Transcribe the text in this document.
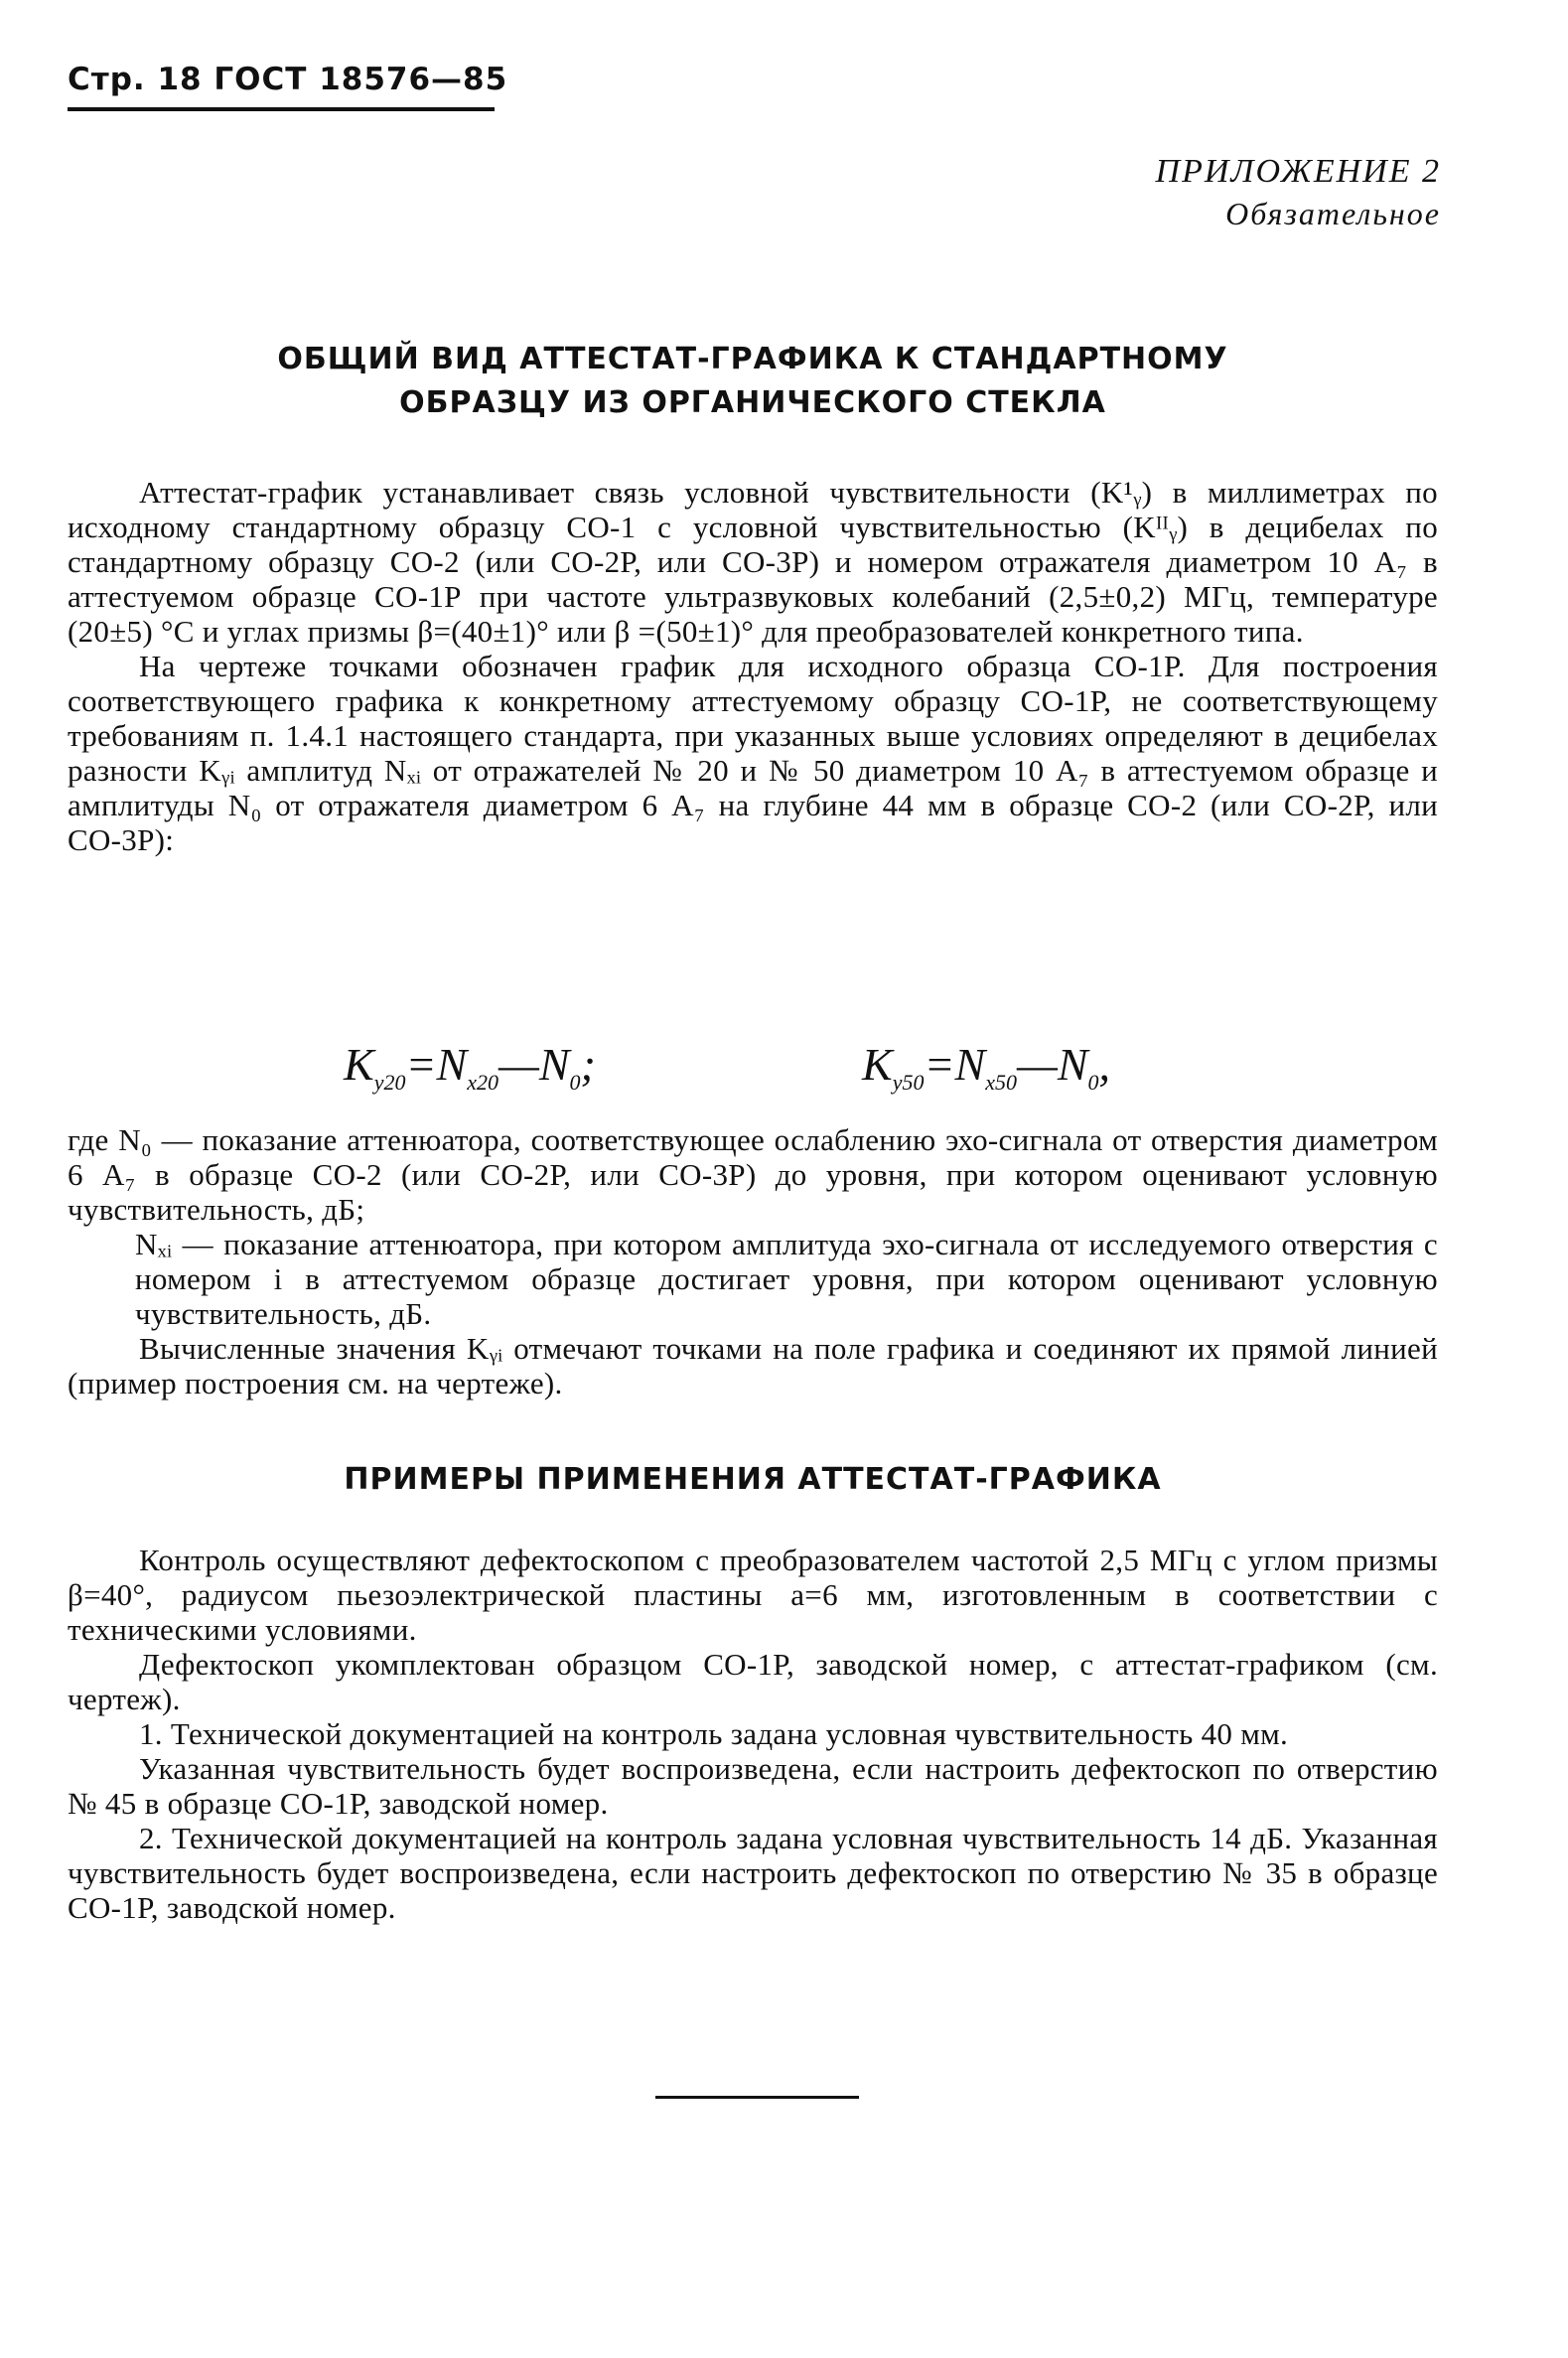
Стр. 18 ГОСТ 18576—85
ПРИЛОЖЕНИЕ 2
Обязательное
ОБЩИЙ ВИД АТТЕСТАТ-ГРАФИКА К СТАНДАРТНОМУ
ОБРАЗЦУ ИЗ ОРГАНИЧЕСКОГО СТЕКЛА

Аттестат-график устанавливает связь условной чувствительности (K¹ᵧ) в миллиметрах по исходному стандартному образцу СО-1 с условной чувствительностью (Kᴵᴵᵧ) в децибелах по стандартному образцу СО-2 (или СО-2Р, или СО-3Р) и номером отражателя диаметром 10 A₇ в аттестуемом образце СО-1Р при частоте ультразвуковых колебаний (2,5±0,2) МГц, температуре (20±5) °С и углах призмы β=(40±1)° или β =(50±1)° для преобразователей конкретного типа.

На чертеже точками обозначен график для исходного образца СО-1Р. Для построения соответствующего графика к конкретному аттестуемому образцу СО-1Р, не соответствующему требованиям п. 1.4.1 настоящего стандарта, при указанных выше условиях определяют в децибелах разности Kᵧᵢ амплитуд Nₓᵢ от отражателей № 20 и № 50 диаметром 10 A₇ в аттестуемом образце и амплитуды N₀ от отражателя диаметром 6 A₇ на глубине 44 мм в образце СО-2 (или СО-2Р, или СО-3Р):

$K_{y20}=N_{x20}—N_0$;	$K_{y50}=N_{x50}—N_0$,

где N₀ — показание аттенюатора, соответствующее ослаблению эхо-сигнала от отверстия диаметром 6 A₇ в образце СО-2 (или СО-2Р, или СО-3Р) до уровня, при котором оценивают условную чувствительность, дБ;

Nₓᵢ — показание аттенюатора, при котором амплитуда эхо-сигнала от исследуемого отверстия с номером i в аттестуемом образце достигает уровня, при котором оценивают условную чувствительность, дБ.

Вычисленные значения Kᵧᵢ отмечают точками на поле графика и соединяют их прямой линией (пример построения см. на чертеже).

ПРИМЕРЫ ПРИМЕНЕНИЯ АТТЕСТАТ-ГРАФИКА

Контроль осуществляют дефектоскопом с преобразователем частотой 2,5 МГц с углом призмы β=40°, радиусом пьезоэлектрической пластины a=6 мм, изготовленным в соответствии с техническими условиями.

Дефектоскоп укомплектован образцом СО-1Р, заводской номер, с аттестат-графиком (см. чертеж).

1. Технической документацией на контроль задана условная чувствительность 40 мм.

Указанная чувствительность будет воспроизведена, если настроить дефектоскоп по отверстию № 45 в образце СО-1Р, заводской номер.

2. Технической документацией на контроль задана условная чувствительность 14 дБ. Указанная чувствительность будет воспроизведена, если настроить дефектоскоп по отверстию № 35 в образце СО-1Р, заводской номер.
